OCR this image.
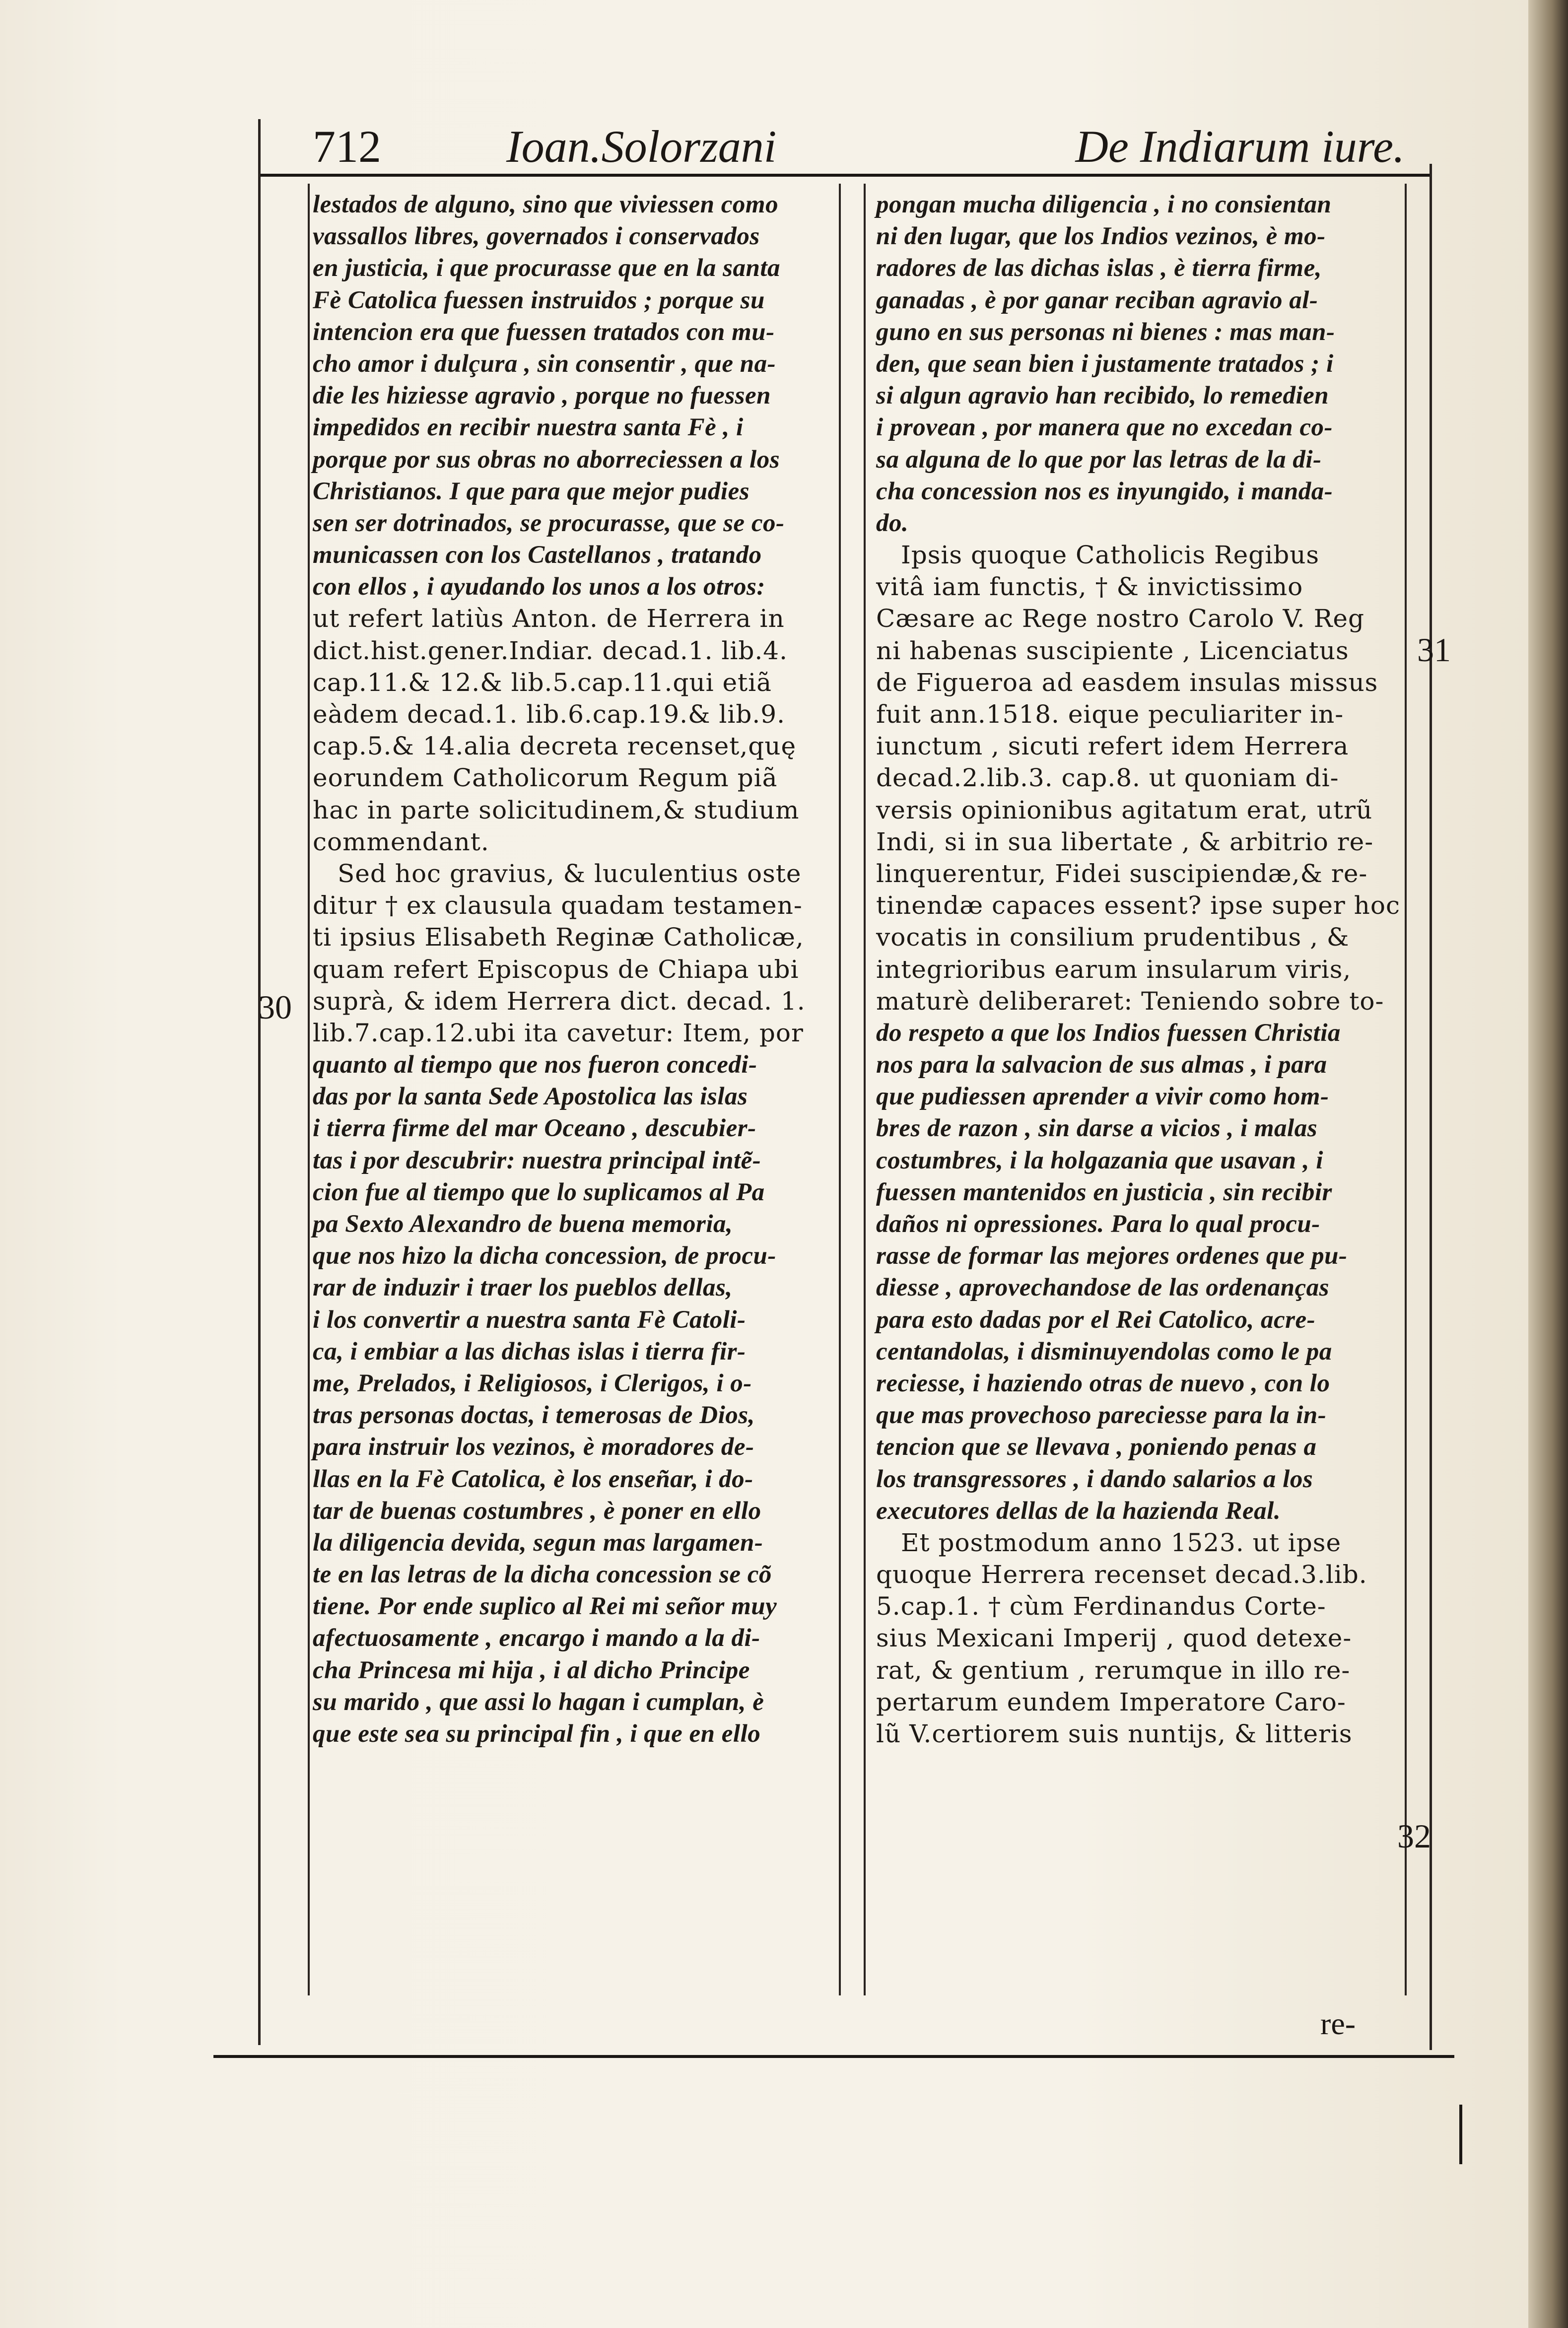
712	Ioan.Solorzani	De Indiarum iure.
lestados de alguno, sino que viviessen como
vassallos libres, governados i conservados
en justicia, i que procurasse que en la santa
Fè Catolica fuessen instruidos ; porque su
intencion era que fuessen tratados con mu-
cho amor i dulçura , sin consentir , que na-
die les hiziesse agravio , porque no fuessen
impedidos en recibir nuestra santa Fè , i
porque por sus obras no aborreciessen a los
Christianos. I que para que mejor pudies
sen ser dotrinados, se procurasse, que se co-
municassen con los Castellanos , tratando
con ellos , i ayudando los unos a los otros:
ut refert latiùs Anton. de Herrera in
dict.hist.gener.Indiar. decad.1. lib.4.
cap.11.& 12.& lib.5.cap.11.qui etiã
eàdem decad.1. lib.6.cap.19.& lib.9.
cap.5.& 14.alia decreta recenset,quę
eorundem Catholicorum Regum piã
hac in parte solicitudinem,& studium
commendant.
Sed hoc gravius, & luculentius oste
ditur † ex clausula quadam testamen-
ti ipsius Elisabeth Reginæ Catholicæ,
quam refert Episcopus de Chiapa ubi
suprà, & idem Herrera dict. decad. 1.
lib.7.cap.12.ubi ita cavetur: Item, por
quanto al tiempo que nos fueron concedi-
das por la santa Sede Apostolica las islas
i tierra firme del mar Oceano , descubier-
tas i por descubrir: nuestra principal intẽ-
cion fue al tiempo que lo suplicamos al Pa
pa Sexto Alexandro de buena memoria,
que nos hizo la dicha concession, de procu-
rar de induzir i traer los pueblos dellas,
i los convertir a nuestra santa Fè Catoli-
ca, i embiar a las dichas islas i tierra fir-
me, Prelados, i Religiosos, i Clerigos, i o-
tras personas doctas, i temerosas de Dios,
para instruir los vezinos, è moradores de-
llas en la Fè Catolica, è los enseñar, i do-
tar de buenas costumbres , è poner en ello
la diligencia devida, segun mas largamen-
te en las letras de la dicha concession se cõ
tiene. Por ende suplico al Rei mi señor muy
afectuosamente , encargo i mando a la di-
cha Princesa mi hija , i al dicho Principe
su marido , que assi lo hagan i cumplan, è
que este sea su principal fin , i que en ello
pongan mucha diligencia , i no consientan
ni den lugar, que los Indios vezinos, è mo-
radores de las dichas islas , è tierra firme,
ganadas , è por ganar reciban agravio al-
guno en sus personas ni bienes : mas man-
den, que sean bien i justamente tratados ; i
si algun agravio han recibido, lo remedien
i provean , por manera que no excedan co-
sa alguna de lo que por las letras de la di-
cha concession nos es inyungido, i manda-
do.
Ipsis quoque Catholicis Regibus
vitâ iam functis, † & invictissimo
Cæsare ac Rege nostro Carolo V. Reg
ni habenas suscipiente , Licenciatus
de Figueroa ad easdem insulas missus
fuit ann.1518. eique peculiariter in-
iunctum , sicuti refert idem Herrera
decad.2.lib.3. cap.8. ut quoniam di-
versis opinionibus agitatum erat, utrũ
Indi, si in sua libertate , & arbitrio re-
linquerentur, Fidei suscipiendæ,& re-
tinendæ capaces essent? ipse super hoc
vocatis in consilium prudentibus , &
integrioribus earum insularum viris,
maturè deliberaret: Teniendo sobre to-
do respeto a que los Indios fuessen Christia
nos para la salvacion de sus almas , i para
que pudiessen aprender a vivir como hom-
bres de razon , sin darse a vicios , i malas
costumbres, i la holgazania que usavan , i
fuessen mantenidos en justicia , sin recibir
daños ni opressiones. Para lo qual procu-
rasse de formar las mejores ordenes que pu-
diesse , aprovechandose de las ordenanças
para esto dadas por el Rei Catolico, acre-
centandolas, i disminuyendolas como le pa
reciesse, i haziendo otras de nuevo , con lo
que mas provechoso pareciesse para la in-
tencion que se llevava , poniendo penas a
los transgressores , i dando salarios a los
executores dellas de la hazienda Real.
Et postmodum anno 1523. ut ipse
quoque Herrera recenset decad.3.lib.
5.cap.1. † cùm Ferdinandus Corte-
sius Mexicani Imperij , quod detexe-
rat, & gentium , rerumque in illo re-
pertarum eundem Imperatore Caro-
lũ V.certiorem suis nuntijs, & litteris
30
31
32
re-
